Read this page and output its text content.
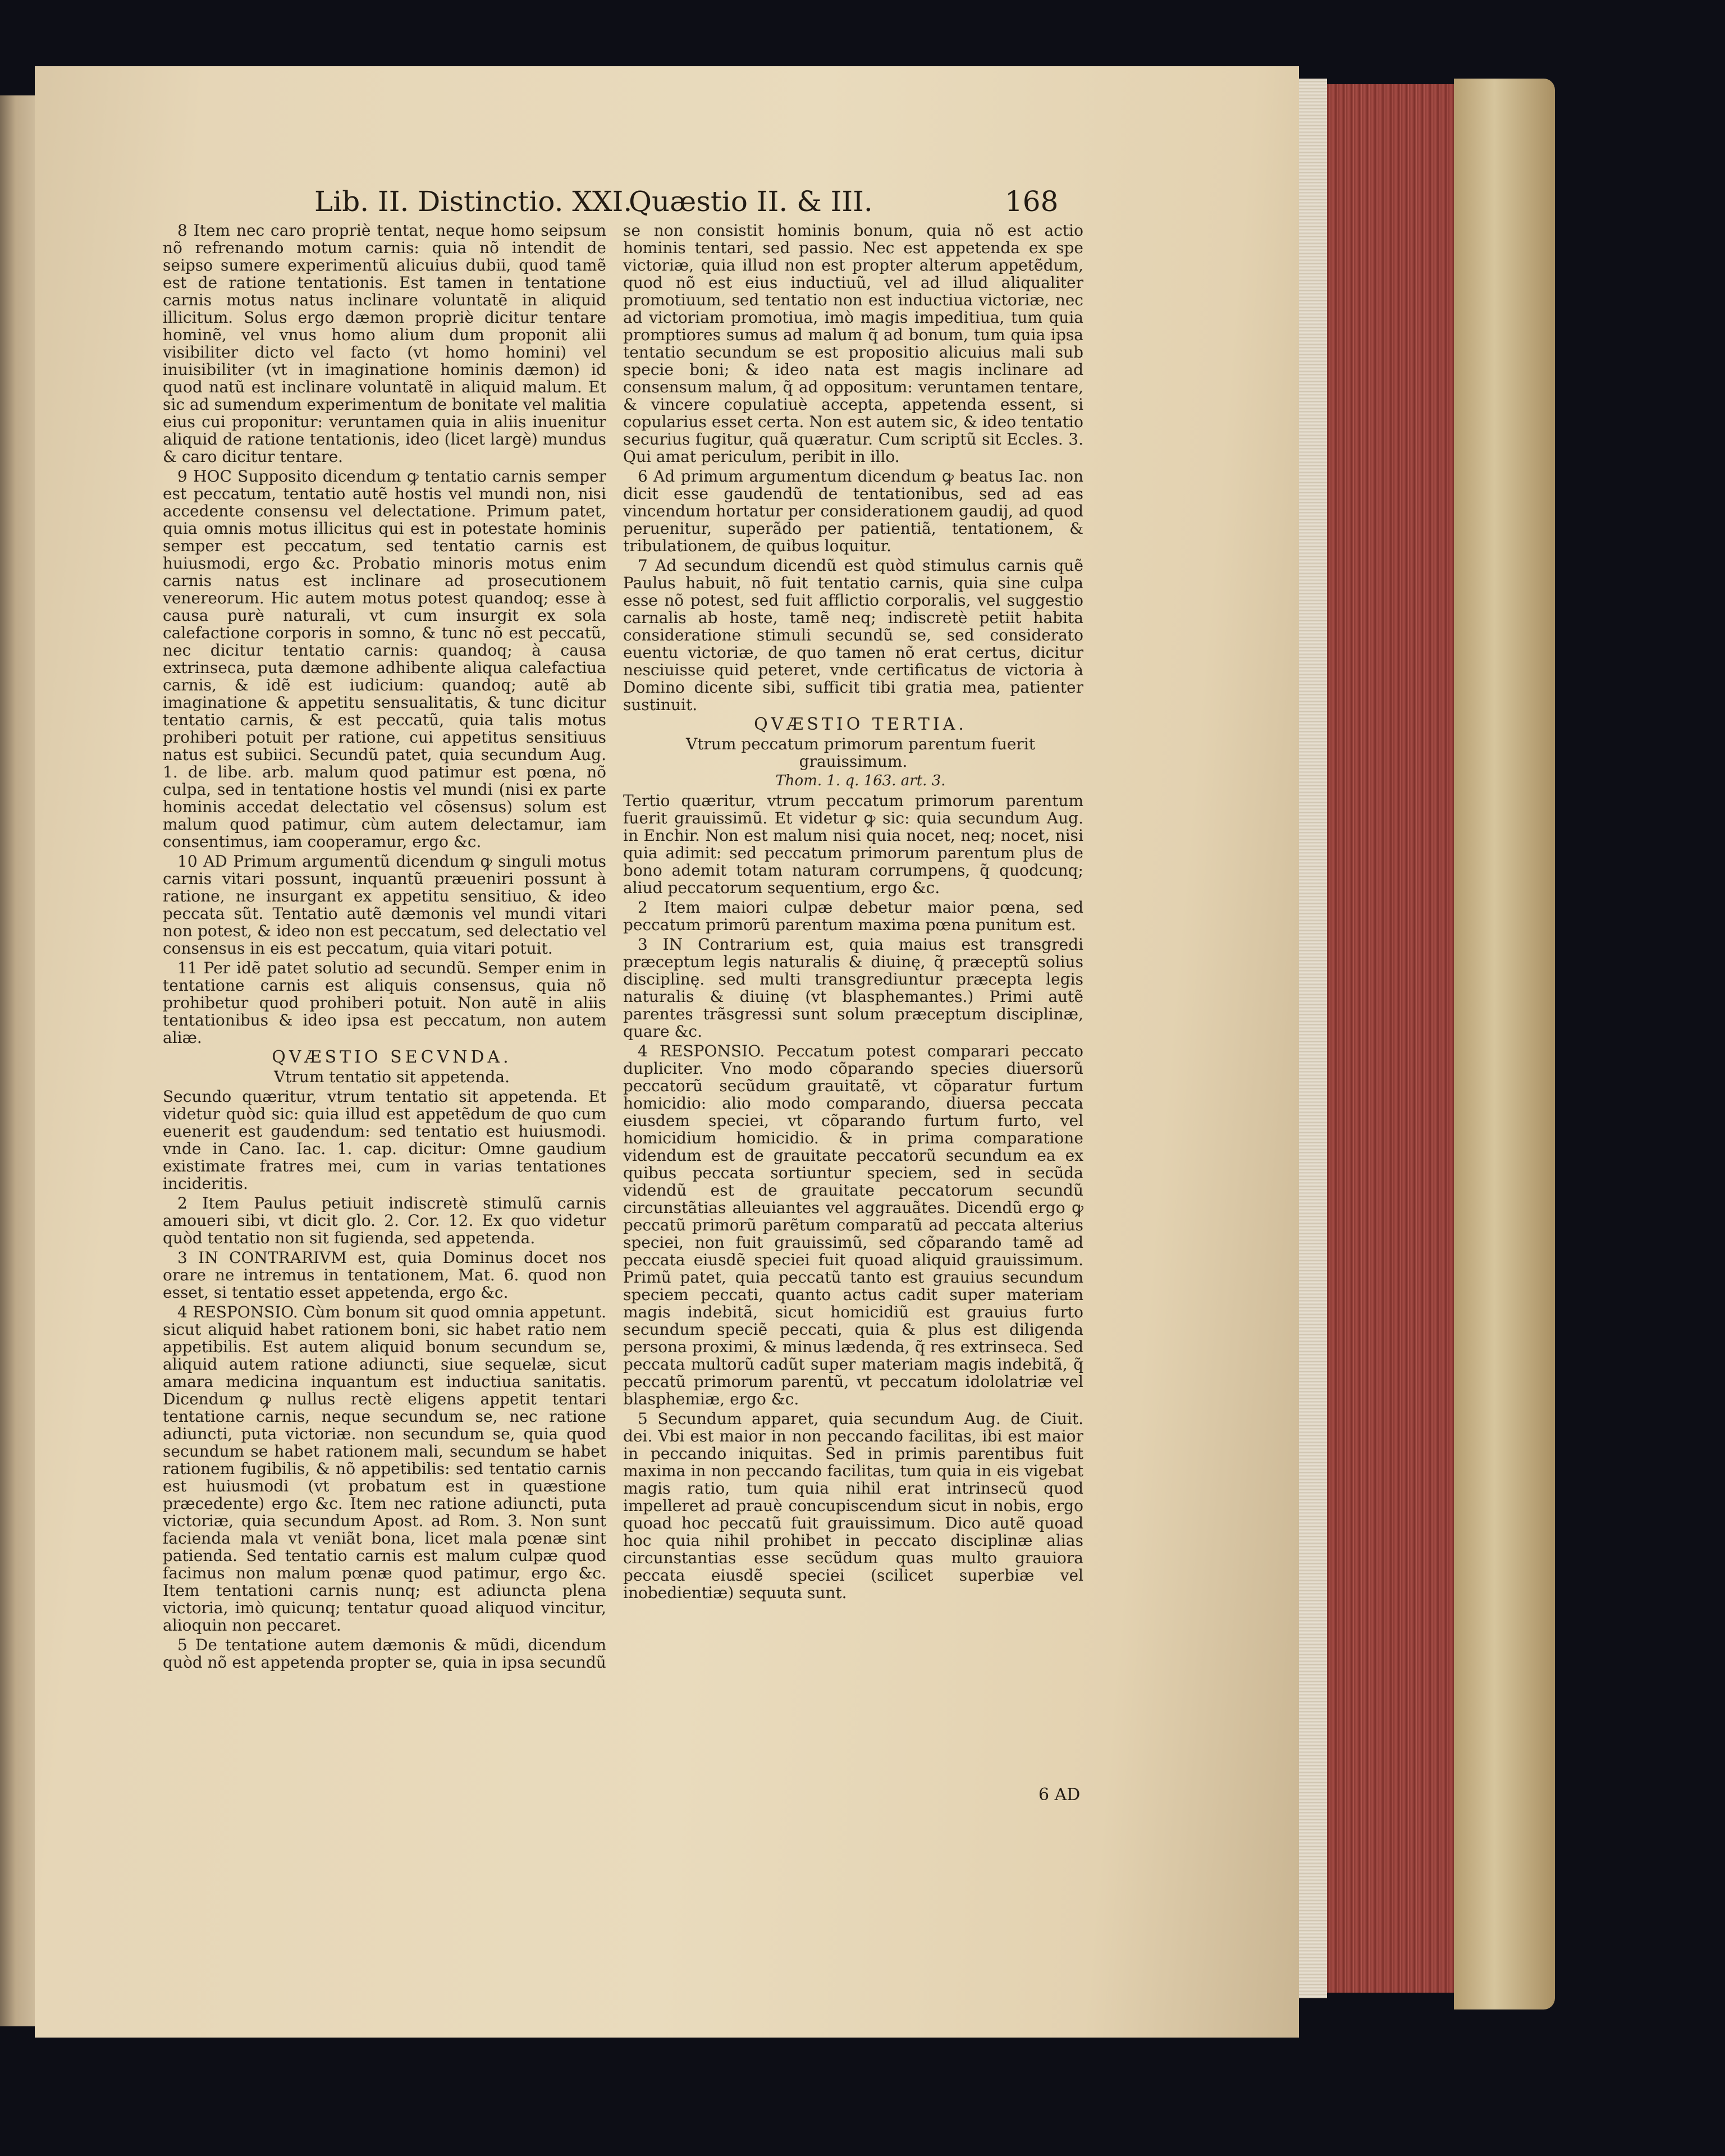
Lib. II. Distinctio. XXI.
Quæstio II. & III.	168

8 Item nec caro propriè tentat, neque homo seipsum nõ refrenando motum carnis: quia nõ intendit de seipso sumere experimentũ alicuius dubii, quod tamẽ est de ratione tentationis. Est tamen in tentatione carnis motus natus inclinare voluntatẽ in aliquid illicitum. Solus ergo dæmon propriè dicitur tentare hominẽ, vel vnus homo alium dum proponit alii visibiliter dicto vel facto (vt homo homini) vel inuisibiliter (vt in imaginatione hominis dæmon) id quod natũ est inclinare voluntatẽ in aliquid malum. Et sic ad sumendum experimentum de bonitate vel malitia eius cui proponitur: veruntamen quia in aliis inuenitur aliquid de ratione tentationis, ideo (licet largè) mundus & caro dicitur tentare.

9 HOC Supposito dicendum ꝙ tentatio carnis semper est peccatum, tentatio autẽ hostis vel mundi non, nisi accedente consensu vel delectatione. Primum patet, quia omnis motus illicitus qui est in potestate hominis semper est peccatum, sed tentatio carnis est huiusmodi, ergo &c. Probatio minoris motus enim carnis natus est inclinare ad prosecutionem venereorum. Hic autem motus potest quandoq; esse à causa purè naturali, vt cum insurgit ex sola calefactione corporis in somno, & tunc nõ est peccatũ, nec dicitur tentatio carnis: quandoq; à causa extrinseca, puta dæmone adhibente aliqua calefactiua carnis, & idẽ est iudicium: quandoq; autẽ ab imaginatione & appetitu sensualitatis, & tunc dicitur tentatio carnis, & est peccatũ, quia talis motus prohiberi potuit per ratione, cui appetitus sensitiuus natus est subiici. Secundũ patet, quia secundum Aug. 1. de libe. arb. malum quod patimur est pœna, nõ culpa, sed in tentatione hostis vel mundi (nisi ex parte hominis accedat delectatio vel cõsensus) solum est malum quod patimur, cùm autem delectamur, iam consentimus, iam cooperamur, ergo &c.

10 AD Primum argumentũ dicendum ꝙ singuli motus carnis vitari possunt, inquantũ præueniri possunt à ratione, ne insurgant ex appetitu sensitiuo, & ideo peccata sũt. Tentatio autẽ dæmonis vel mundi vitari non potest, & ideo non est peccatum, sed delectatio vel consensus in eis est peccatum, quia vitari potuit.

11 Per idẽ patet solutio ad secundũ. Semper enim in tentatione carnis est aliquis consensus, quia nõ prohibetur quod prohiberi potuit. Non autẽ in aliis tentationibus & ideo ipsa est peccatum, non autem aliæ.

QVÆSTIO SECVNDA.

Vtrum tentatio sit appetenda.

Secundo quæritur, vtrum tentatio sit appetenda. Et videtur quòd sic: quia illud est appetẽdum de quo cum euenerit est gaudendum: sed tentatio est huiusmodi. vnde in Cano. Iac. 1. cap. dicitur: Omne gaudium existimate fratres mei, cum in varias tentationes incideritis.

2 Item Paulus petiuit indiscretè stimulũ carnis amoueri sibi, vt dicit glo. 2. Cor. 12. Ex quo videtur quòd tentatio non sit fugienda, sed appetenda.

3 IN CONTRARIVM est, quia Dominus docet nos orare ne intremus in tentationem, Mat. 6. quod non esset, si tentatio esset appetenda, ergo &c.

4 RESPONSIO. Cùm bonum sit quod omnia appetunt. sicut aliquid habet rationem boni, sic habet ratio nem appetibilis. Est autem aliquid bonum secundum se, aliquid autem ratione adiuncti, siue sequelæ, sicut amara medicina inquantum est inductiua sanitatis. Dicendum ꝙ nullus rectè eligens appetit tentari tentatione carnis, neque secundum se, nec ratione adiuncti, puta victoriæ. non secundum se, quia quod secundum se habet rationem mali, secundum se habet rationem fugibilis, & nõ appetibilis: sed tentatio carnis est huiusmodi (vt probatum est in quæstione præcedente) ergo &c. Item nec ratione adiuncti, puta victoriæ, quia secundum Apost. ad Rom. 3. Non sunt facienda mala vt veniãt bona, licet mala pœnæ sint patienda. Sed tentatio carnis est malum culpæ quod facimus non malum pœnæ quod patimur, ergo &c. Item tentationi carnis nunq; est adiuncta plena victoria, imò quicunq; tentatur quoad aliquod vincitur, alioquin non peccaret.

5 De tentatione autem dæmonis & mũdi, dicendum quòd nõ est appetenda propter se, quia in ipsa secundũ

se non consistit hominis bonum, quia nõ est actio hominis tentari, sed passio. Nec est appetenda ex spe victoriæ, quia illud non est propter alterum appetẽdum, quod nõ est eius inductiuũ, vel ad illud aliqualiter promotiuum, sed tentatio non est inductiua victoriæ, nec ad victoriam promotiua, imò magis impeditiua, tum quia promptiores sumus ad malum q̃ ad bonum, tum quia ipsa tentatio secundum se est propositio alicuius mali sub specie boni; & ideo nata est magis inclinare ad consensum malum, q̃ ad oppositum: veruntamen tentare, & vincere copulatiuè accepta, appetenda essent, si copularius esset certa. Non est autem sic, & ideo tentatio securius fugitur, quã quæratur. Cum scriptũ sit Eccles. 3. Qui amat periculum, peribit in illo.

6 Ad primum argumentum dicendum ꝙ beatus Iac. non dicit esse gaudendũ de tentationibus, sed ad eas vincendum hortatur per considerationem gaudij, ad quod peruenitur, superãdo per patientiã, tentationem, & tribulationem, de quibus loquitur.

7 Ad secundum dicendũ est quòd stimulus carnis quẽ Paulus habuit, nõ fuit tentatio carnis, quia sine culpa esse nõ potest, sed fuit afflictio corporalis, vel suggestio carnalis ab hoste, tamẽ neq; indiscretè petiit habita consideratione stimuli secundũ se, sed considerato euentu victoriæ, de quo tamen nõ erat certus, dicitur nesciuisse quid peteret, vnde certificatus de victoria à Domino dicente sibi, sufficit tibi gratia mea, patienter sustinuit.

QVÆSTIO TERTIA.

Vtrum peccatum primorum parentum fuerit grauissimum.

Thom. 1. q. 163. art. 3.

Tertio quæritur, vtrum peccatum primorum parentum fuerit grauissimũ. Et videtur ꝙ sic: quia secundum Aug. in Enchir. Non est malum nisi quia nocet, neq; nocet, nisi quia adimit: sed peccatum primorum parentum plus de bono ademit totam naturam corrumpens, q̃ quodcunq; aliud peccatorum sequentium, ergo &c.

2 Item maiori culpæ debetur maior pœna, sed peccatum primorũ parentum maxima pœna punitum est.

3 IN Contrarium est, quia maius est transgredi præceptum legis naturalis & diuinę, q̃ præceptũ solius disciplinę. sed multi transgrediuntur præcepta legis naturalis & diuinę (vt blasphemantes.) Primi autẽ parentes trãsgressi sunt solum præceptum disciplinæ, quare &c.

4 RESPONSIO. Peccatum potest comparari peccato dupliciter. Vno modo cõparando species diuersorũ peccatorũ secũdum grauitatẽ, vt cõparatur furtum homicidio: alio modo comparando, diuersa peccata eiusdem speciei, vt cõparando furtum furto, vel homicidium homicidio. & in prima comparatione videndum est de grauitate peccatorũ secundum ea ex quibus peccata sortiuntur speciem, sed in secũda videndũ est de grauitate peccatorum secundũ circunstãtias alleuiantes vel aggrauãtes. Dicendũ ergo ꝙ peccatũ primorũ parẽtum comparatũ ad peccata alterius speciei, non fuit grauissimũ, sed cõparando tamẽ ad peccata eiusdẽ speciei fuit quoad aliquid grauissimum. Primũ patet, quia peccatũ tanto est grauius secundum speciem peccati, quanto actus cadit super materiam magis indebitã, sicut homicidiũ est grauius furto secundum speciẽ peccati, quia & plus est diligenda persona proximi, & minus lædenda, q̃ res extrinseca. Sed peccata multorũ cadũt super materiam magis indebitã, q̃ peccatũ primorum parentũ, vt peccatum idololatriæ vel blasphemiæ, ergo &c.

5 Secundum apparet, quia secundum Aug. de Ciuit. dei. Vbi est maior in non peccando facilitas, ibi est maior in peccando iniquitas. Sed in primis parentibus fuit maxima in non peccando facilitas, tum quia in eis vigebat magis ratio, tum quia nihil erat intrinsecũ quod impelleret ad prauè concupiscendum sicut in nobis, ergo quoad hoc peccatũ fuit grauissimum. Dico autẽ quoad hoc quia nihil prohibet in peccato disciplinæ alias circunstantias esse secũdum quas multo grauiora peccata eiusdẽ speciei (scilicet superbiæ vel inobedientiæ) sequuta sunt.

6 AD
